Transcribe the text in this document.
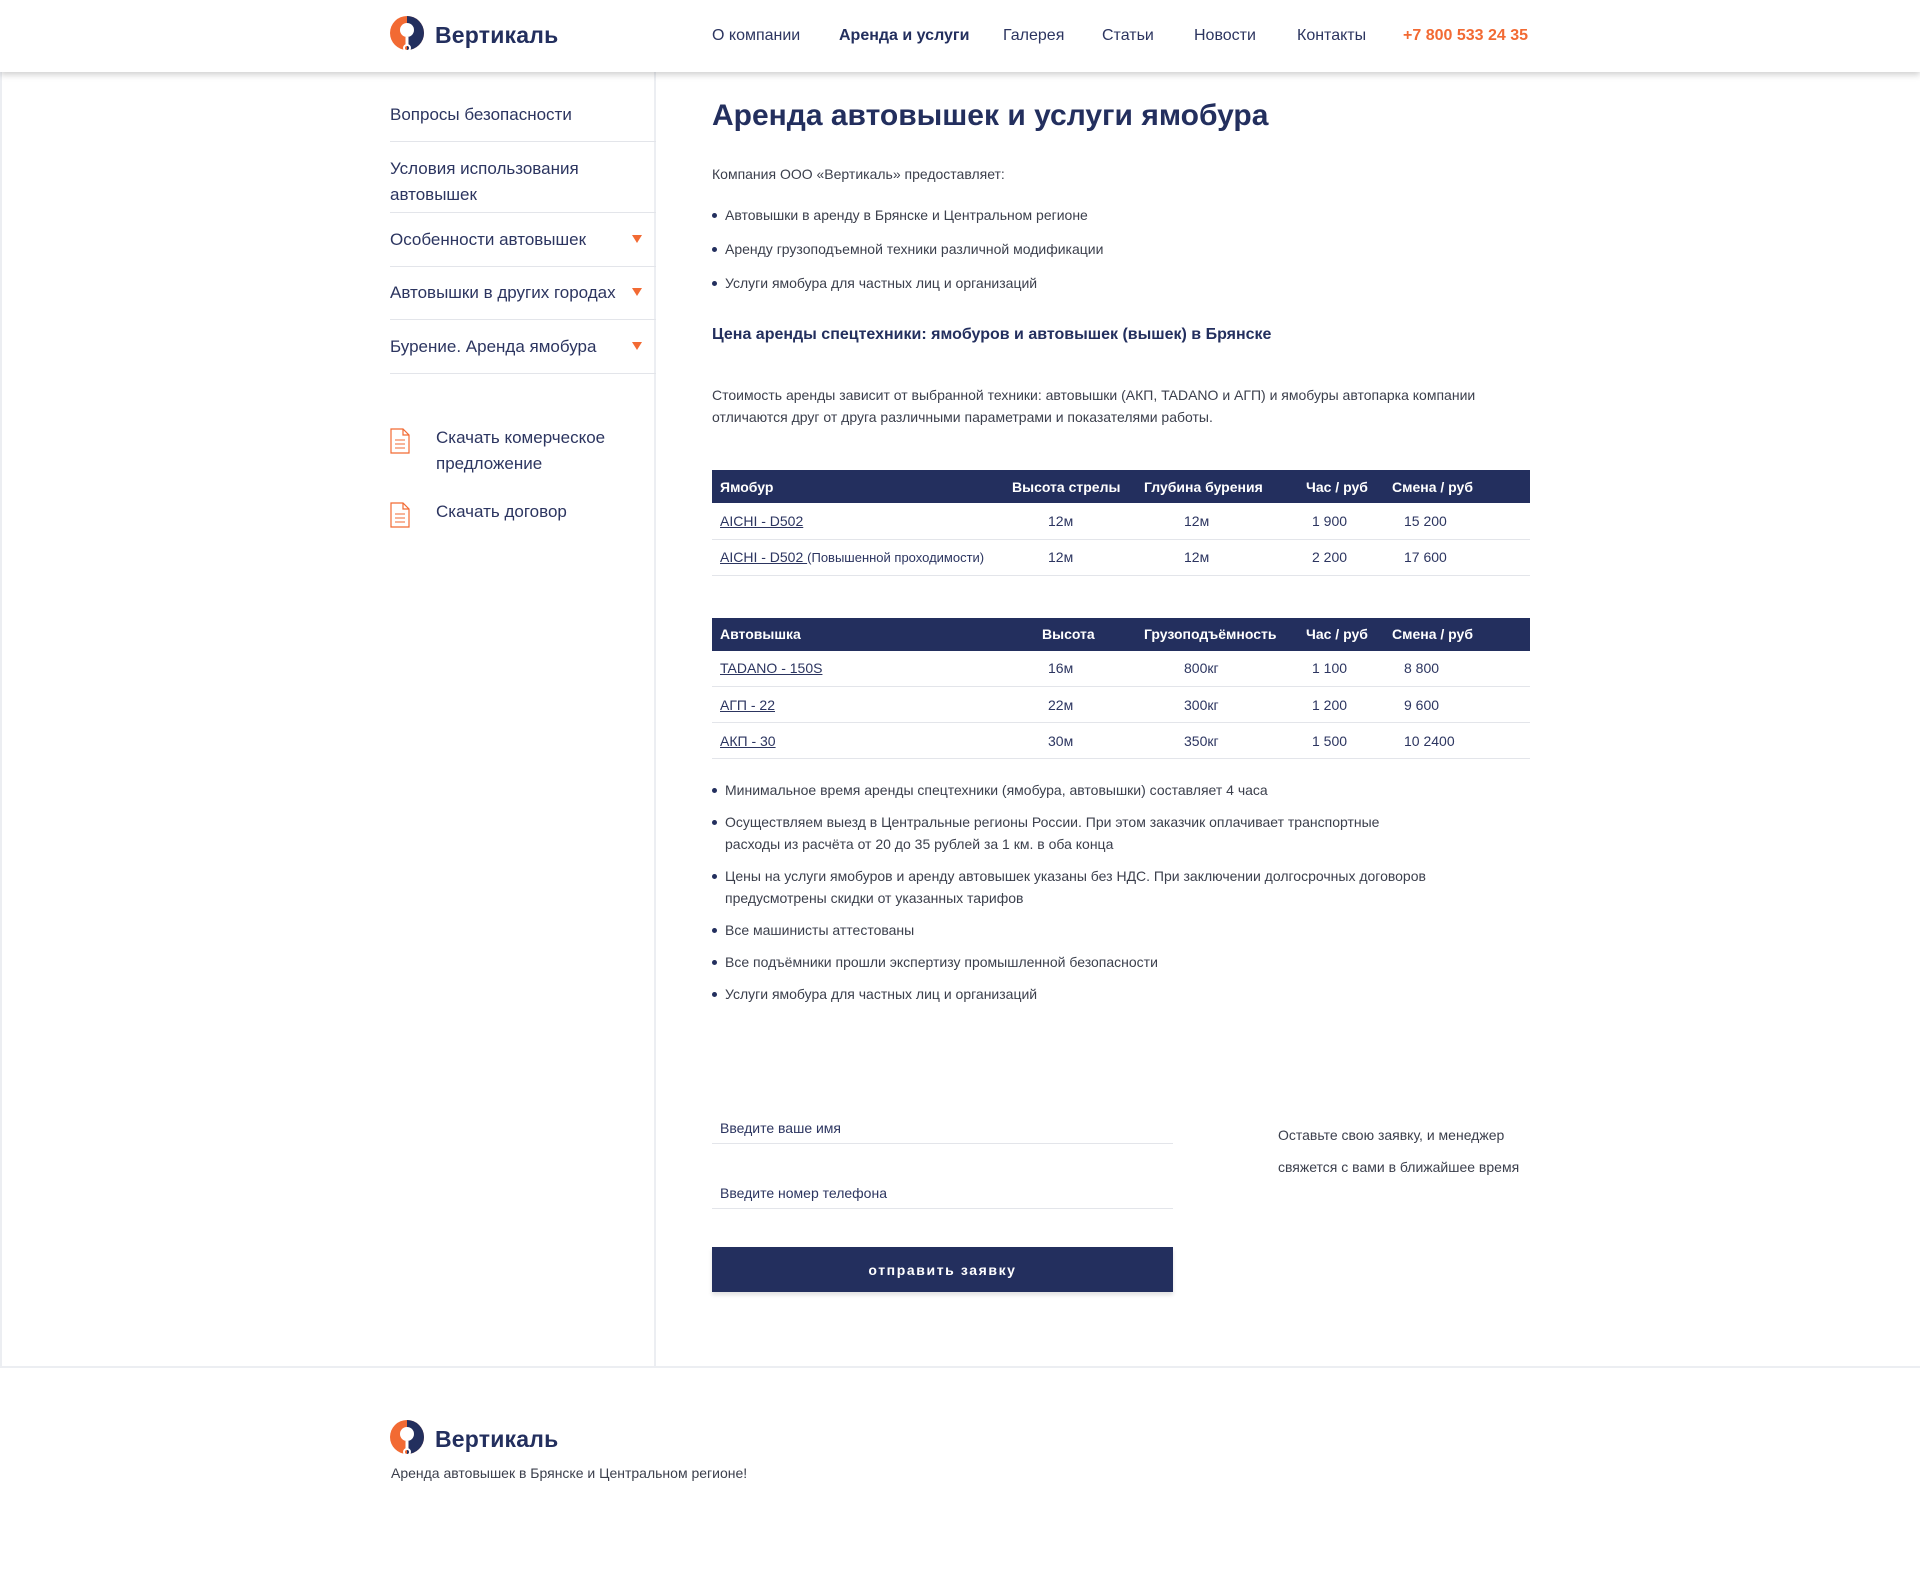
Вертикаль	О компании Аренда и услуги Галерея Статьи	Новости	Контакты +7 800 533 24 35
Вопросы безопасности
Условия использования автовышек
Особенности автовышек
Автовышки в других городах
Бурение. Аренда ямобура
Скачать комерческое предложение
Скачать договор
Аренда автовышек и услуги ямобура

Компания ООО «Вертикаль» предоставляет:

Автовышки в аренду в Брянске и Центральном регионе
Аренду грузоподъемной техники различной модификации
Услуги ямобура для частных лиц и организаций
Цена аренды спецтехники: ямобуров и автовышек (вышек) в Брянске

Стоимость аренды зависит от выбранной техники: автовышки (АКП, TADANO и АГП) и ямобуры автопарка компании отличаются друг от друга различными параметрами и показателями работы.

Ямобур	Высота стрелы	Глубина бурения	Час / руб	Смена / руб
AICHI - D502	12м	12м	1 900	15 200
AICHI - D502 (Повышенной проходимости)	12м	12м	2 200	17 600
Автовышка	Высота	Грузоподъёмность	Час / руб	Смена / руб
TADANO - 150S	16м	800кг	1 100	8 800
АГП - 22	22м	300кг	1 200	9 600
АКП - 30	30м	350кг	1 500	10 2400
Минимальное время аренды спецтехники (ямобура, автовышки) составляет 4 часа
Осуществляем выезд в Центральные регионы России. При этом заказчик оплачивает транспортные расходы из расчёта от 20 до 35 рублей за 1 км. в оба конца
Цены на услуги ямобуров и аренду автовышек указаны без НДС. При заключении долгосрочных договоров предусмотрены скидки от указанных тарифов
Все машинисты аттестованы
Все подъёмники прошли экспертизу промышленной безопасности
Услуги ямобура для частных лиц и организаций
Введите ваше имя
Введите номер телефона отправить заявку

Оставьте свою заявку, и менеджер свяжется с вами в ближайшее время

Вертикаль

Аренда автовышек в Брянске и Центральном регионе!
